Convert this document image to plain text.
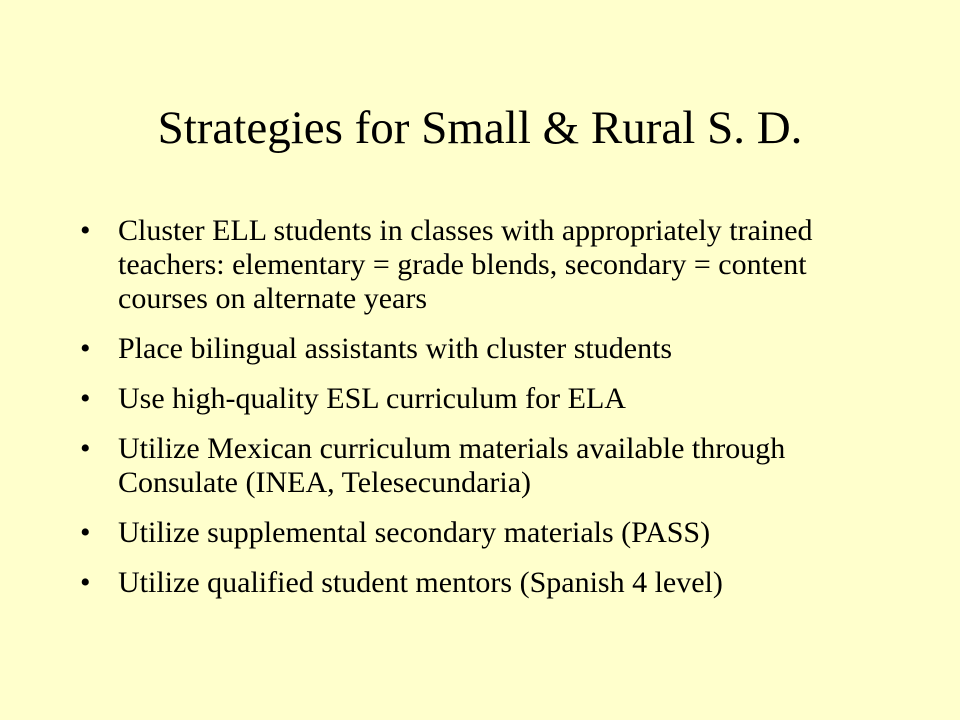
Strategies for Small & Rural S. D.
• Cluster ELL students in classes with appropriately trained teachers: elementary = grade blends, secondary = content courses on alternate years
• Place bilingual assistants with cluster students
• Use high-quality ESL curriculum for ELA
• Utilize Mexican curriculum materials available through Consulate (INEA, Telesecundaria)
• Utilize supplemental secondary materials (PASS)
• Utilize qualified student mentors (Spanish 4 level)
